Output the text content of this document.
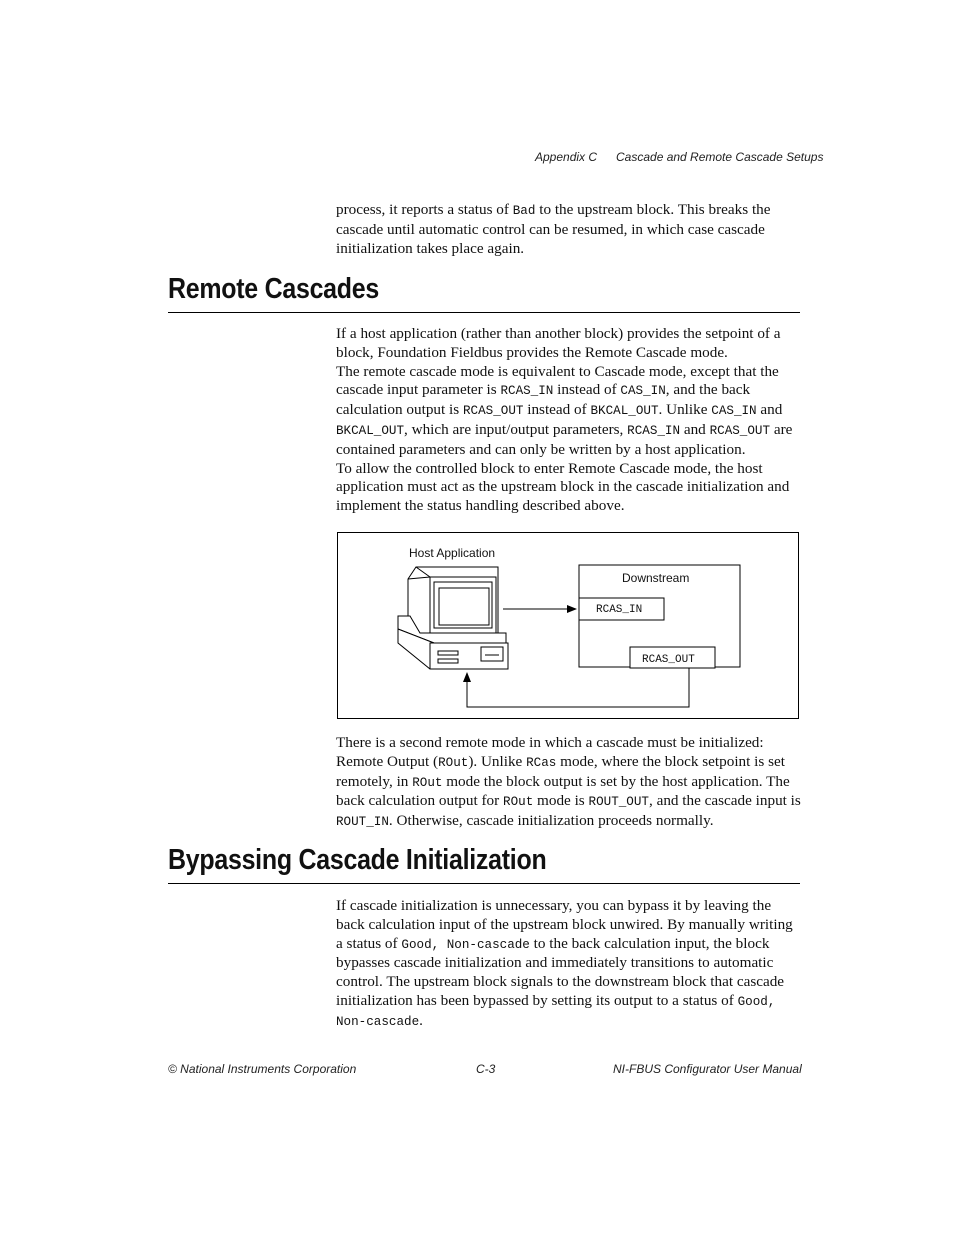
Appendix C Cascade and Remote Cascade Setups

process, it reports a status of Bad to the upstream block. This breaks the cascade until automatic control can be resumed, in which case cascade initialization takes place again.

Remote Cascades
If a host application (rather than another block) provides the setpoint of a block, Foundation Fieldbus provides the Remote Cascade mode.
The remote cascade mode is equivalent to Cascade mode, except that the cascade input parameter is RCAS_IN instead of CAS_IN, and the back calculation output is RCAS_OUT instead of BKCAL_OUT. Unlike CAS_IN and BKCAL_OUT, which are input/output parameters, RCAS_IN and RCAS_OUT are contained parameters and can only be written by a host application.
To allow the controlled block to enter Remote Cascade mode, the host application must act as the upstream block in the cascade initialization and implement the status handling described above.
Host Application
Downstream
RCAS_IN
RCAS_OUT

There is a second remote mode in which a cascade must be initialized: Remote Output (ROut). Unlike RCas mode, where the block setpoint is set remotely, in ROut mode the block output is set by the host application. The back calculation output for ROut mode is ROUT_OUT, and the cascade input is ROUT_IN. Otherwise, cascade initialization proceeds normally.

Bypassing Cascade Initialization

If cascade initialization is unnecessary, you can bypass it by leaving the back calculation input of the upstream block unwired. By manually writing a status of Good, Non-cascade to the back calculation input, the block bypasses cascade initialization and immediately transitions to automatic control. The upstream block signals to the downstream block that cascade initialization has been bypassed by setting its output to a status of Good, Non-cascade.

© National Instruments Corporation	C-3	NI-FBUS Configurator User Manual
